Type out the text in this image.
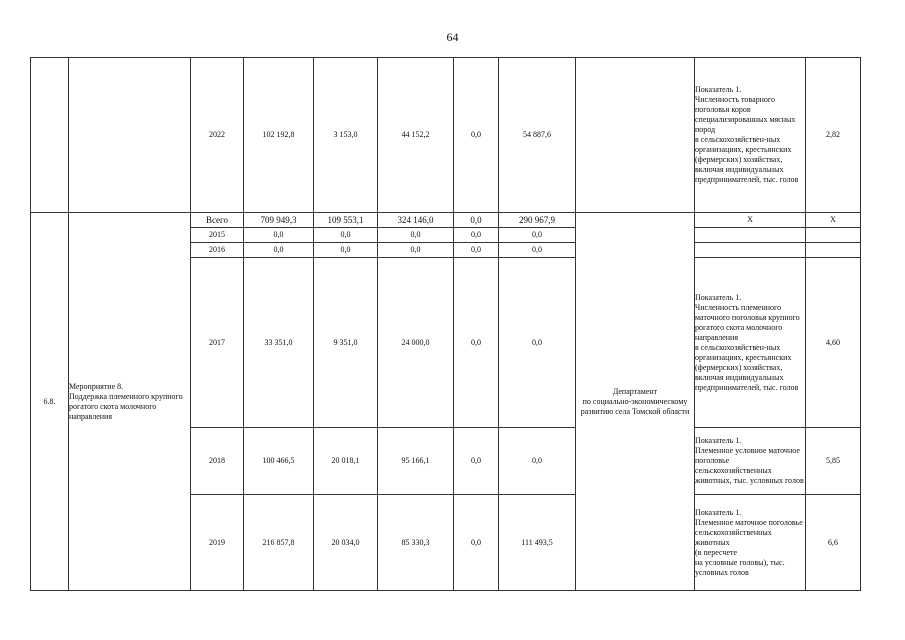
64
		2022	102 192,8	3 153,0	44 152,2	0,0	54 887,6		Показатель 1.
Численность товарного поголовья коров специализированных мясных пород
в сельскохозяйствен-ных организациях, крестьянских (фермерских) хозяйствах, включая индивидуальных предпринимателей, тыс. голов	2,82
6.8.	Мероприятие 8.
Поддержка племенного крупного рогатого скота молочного направления	Всего	709 949,3	109 553,1	324 146,0	0,0	290 967,9	Департамент
по социально-экономическому развитию села Томской области	X	X
		2015	0,0	0,0	0,0	0,0	0,0			
		2016	0,0	0,0	0,0	0,0	0,0			
		2017	33 351,0	9 351,0	24 000,0	0,0	0,0		Показатель 1.
Численность племенного маточного поголовья крупного рогатого скота молочного направления
в сельскохозяйствен-ных организациях, крестьянских (фермерских) хозяйствах, включая индивидуальных предпринимателей, тыс. голов	4,60
		2018	100 466,5	20 018,1	95 166,1	0,0	0,0		Показатель 1.
Племенное условное маточное поголовье сельскохозяйственных животных, тыс. условных голов	5,85
		2019	216 857,8	20 034,0	85 330,3	0,0	111 493,5		Показатель 1.
Племенное маточное поголовье сельскохозяйственных животных
(в пересчете
на условные головы), тыс. условных голов	6,6
